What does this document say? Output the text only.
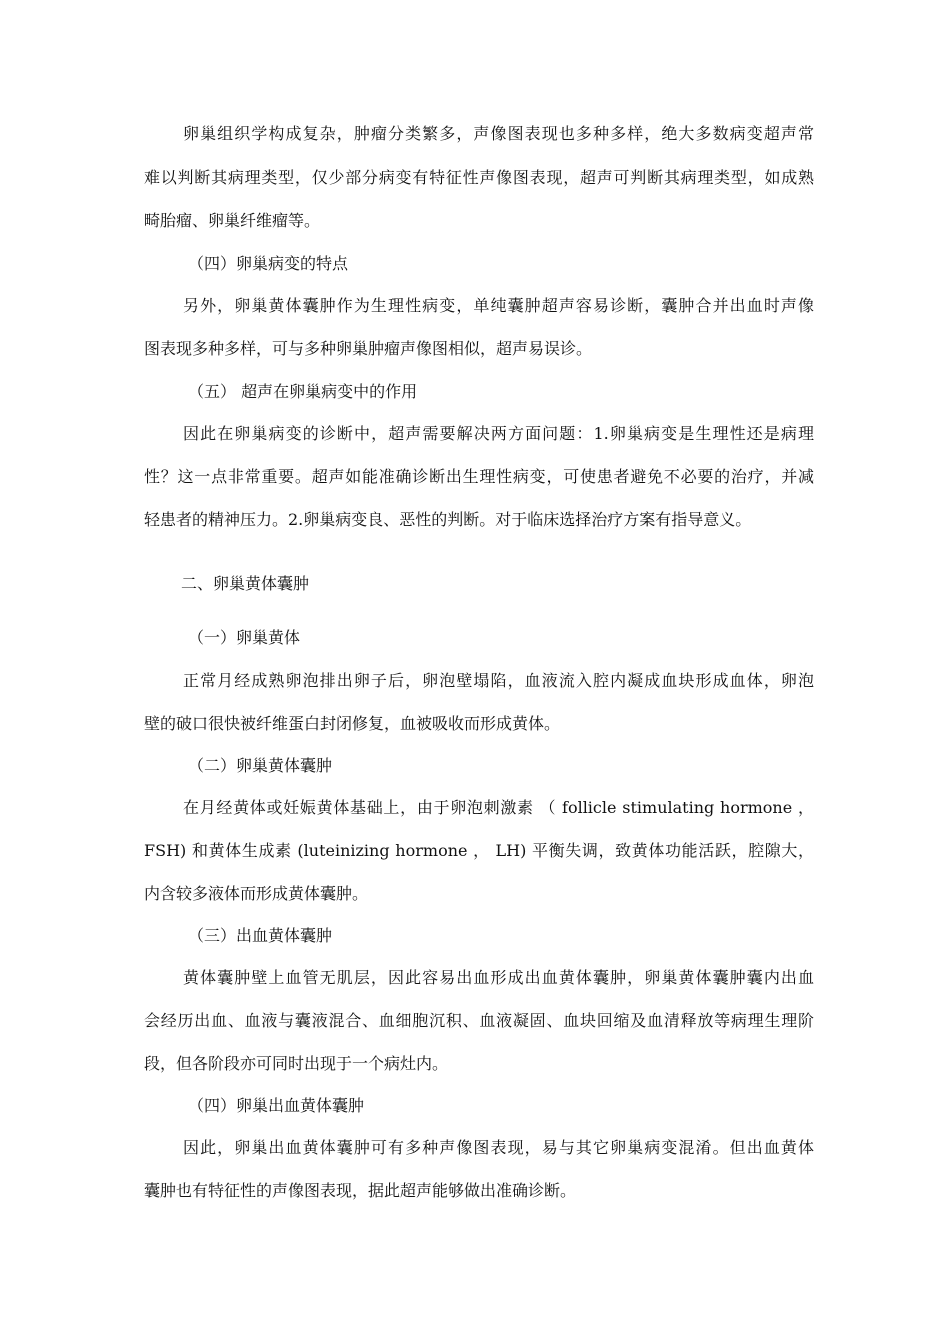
卵巢组织学构成复杂，肿瘤分类繁多，声像图表现也多种多样，绝大多数病变超声常
难以判断其病理类型，仅少部分病变有特征性声像图表现，超声可判断其病理类型，如成熟
畸胎瘤、卵巢纤维瘤等。
（四）卵巢病变的特点
另外，卵巢黄体囊肿作为生理性病变，单纯囊肿超声容易诊断，囊肿合并出血时声像
图表现多种多样，可与多种卵巢肿瘤声像图相似，超声易误诊。
（五） 超声在卵巢病变中的作用
因此在卵巢病变的诊断中，超声需要解决两方面问题：1.卵巢病变是生理性还是病理
性？这一点非常重要。超声如能准确诊断出生理性病变，可使患者避免不必要的治疗，并减
轻患者的精神压力。2.卵巢病变良、恶性的判断。对于临床选择治疗方案有指导意义。
二、卵巢黄体囊肿
（一）卵巢黄体
正常月经成熟卵泡排出卵子后，卵泡壁塌陷，血液流入腔内凝成血块形成血体，卵泡
壁的破口很快被纤维蛋白封闭修复，血被吸收而形成黄体。
（二）卵巢黄体囊肿
在月经黄体或妊娠黄体基础上，由于卵泡刺激素 （ follicle stimulating hormone ，
FSH) 和黄体生成素 (luteinizing hormone ， LH) 平衡失调，致黄体功能活跃，腔隙大，
内含较多液体而形成黄体囊肿。
（三）出血黄体囊肿
黄体囊肿壁上血管无肌层，因此容易出血形成出血黄体囊肿，卵巢黄体囊肿囊内出血
会经历出血、血液与囊液混合、血细胞沉积、血液凝固、血块回缩及血清释放等病理生理阶
段，但各阶段亦可同时出现于一个病灶内。
（四）卵巢出血黄体囊肿
因此，卵巢出血黄体囊肿可有多种声像图表现，易与其它卵巢病变混淆。但出血黄体
囊肿也有特征性的声像图表现，据此超声能够做出准确诊断。
